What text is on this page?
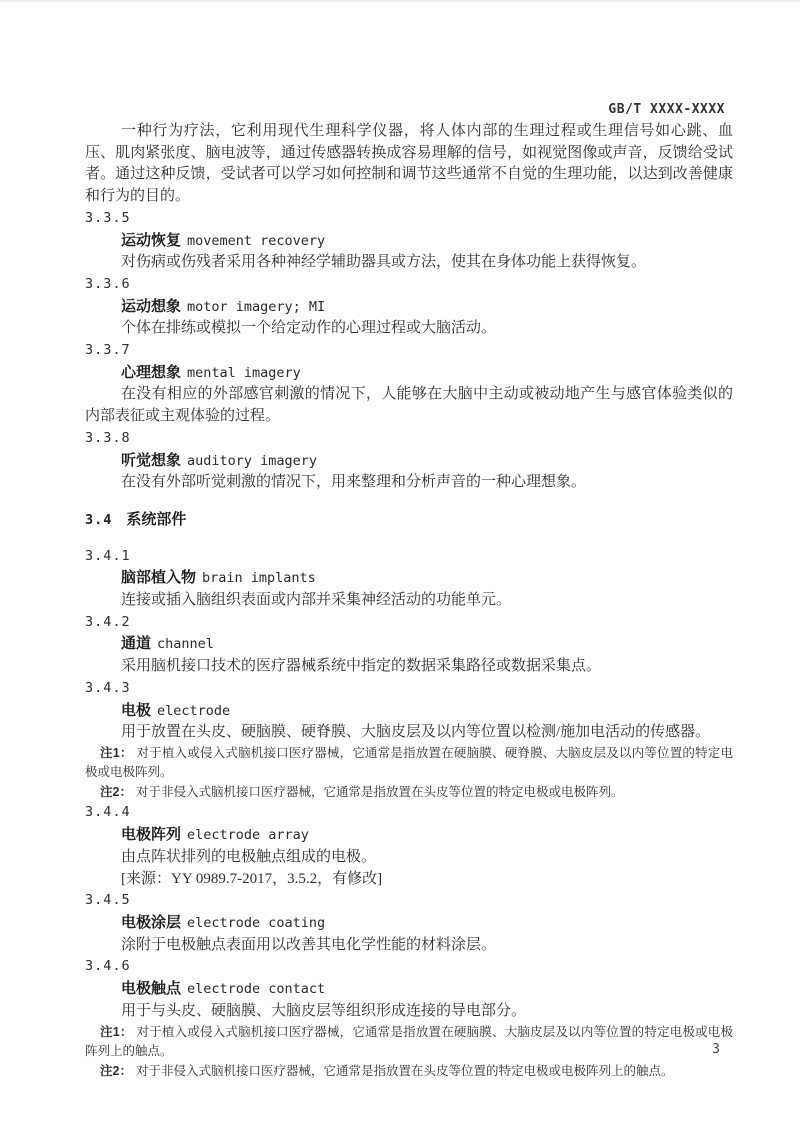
GB/T XXXX-XXXX

一种行为疗法，它利用现代生理科学仪器，将人体内部的生理过程或生理信号如心跳、血压、肌肉紧张度、脑电波等，通过传感器转换成容易理解的信号，如视觉图像或声音，反馈给受试者。通过这种反馈，受试者可以学习如何控制和调节这些通常不自觉的生理功能，以达到改善健康和行为的目的。

3.3.5
运动恢复 movement recovery

对伤病或伤残者采用各种神经学辅助器具或方法，使其在身体功能上获得恢复。

3.3.6
运动想象 motor imagery; MI

个体在排练或模拟一个给定动作的心理过程或大脑活动。

3.3.7
心理想象 mental imagery

在没有相应的外部感官刺激的情况下，人能够在大脑中主动或被动地产生与感官体验类似的内部表征或主观体验的过程。

3.3.8
听觉想象 auditory imagery

在没有外部听觉刺激的情况下，用来整理和分析声音的一种心理想象。

3.4 系统部件
3.4.1
脑部植入物 brain implants

连接或插入脑组织表面或内部并采集神经活动的功能单元。

3.4.2
通道 channel

采用脑机接口技术的医疗器械系统中指定的数据采集路径或数据采集点。

3.4.3
电极 electrode

用于放置在头皮、硬脑膜、硬脊膜、大脑皮层及以内等位置以检测/施加电活动的传感器。

注1： 对于植入或侵入式脑机接口医疗器械，它通常是指放置在硬脑膜、硬脊膜、大脑皮层及以内等位置的特定电极或电极阵列。
注2： 对于非侵入式脑机接口医疗器械，它通常是指放置在头皮等位置的特定电极或电极阵列。
3.4.4
电极阵列 electrode array

由点阵状排列的电极触点组成的电极。

[来源：YY 0989.7-2017，3.5.2，有修改]
3.4.5
电极涂层 electrode coating

涂附于电极触点表面用以改善其电化学性能的材料涂层。

3.4.6
电极触点 electrode contact

用于与头皮、硬脑膜、大脑皮层等组织形成连接的导电部分。

注1： 对于植入或侵入式脑机接口医疗器械，它通常是指放置在硬脑膜、大脑皮层及以内等位置的特定电极或电极阵列上的触点。
注2： 对于非侵入式脑机接口医疗器械，它通常是指放置在头皮等位置的特定电极或电极阵列上的触点。
3
